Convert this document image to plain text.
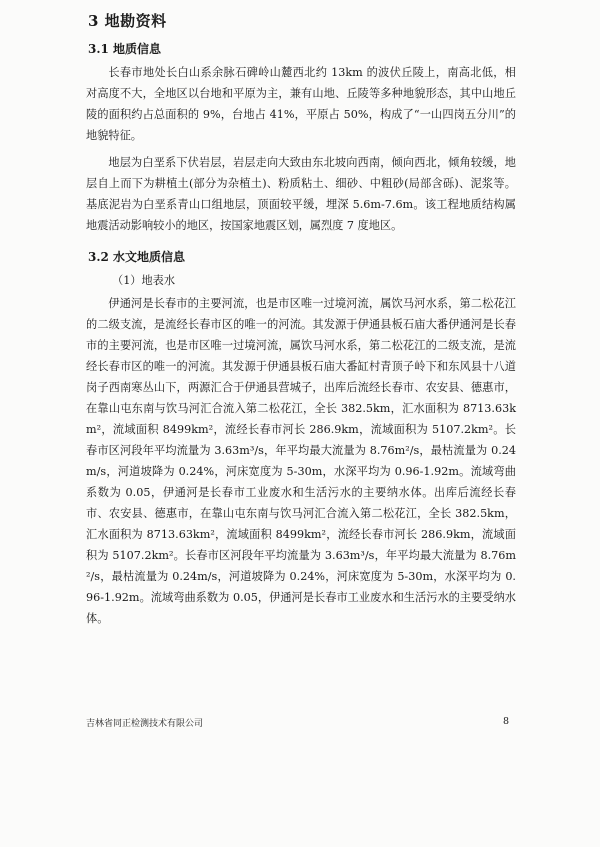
3 地勘资料
3.1 地质信息

长春市地处长白山系余脉石碑岭山麓西北约 13km 的波伏丘陵上，南高北低，相对高度不大，全地区以台地和平原为主，兼有山地、丘陵等多种地貌形态，其中山地丘陵的面积约占总面积的 9%，台地占 41%，平原占 50%，构成了“一山四岗五分川”的地貌特征。

地层为白垩系下伏岩层，岩层走向大致由东北坡向西南，倾向西北，倾角较缓，地层自上而下为耕植土(部分为杂植土)、粉质粘土、细砂、中粗砂(局部含砾)、泥浆等。基底泥岩为白垩系青山口组地层，顶面较平缓，埋深 5.6m-7.6m。该工程地质结构属地震活动影响较小的地区，按国家地震区划，属烈度 7 度地区。

3.2 水文地质信息
（1）地表水

伊通河是长春市的主要河流，也是市区唯一过境河流，属饮马河水系，第二松花江的二级支流，是流经长春市区的唯一的河流。其发源于伊通县板石庙大番伊通河是长春市的主要河流，也是市区唯一过境河流，属饮马河水系，第二松花江的二级支流，是流经长春市区的唯一的河流。其发源于伊通县板石庙大番缸村青顶子岭下和东风县十八道岗子西南寒丛山下，两源汇合于伊通县营城子，出库后流经长春市、农安县、德惠市，在靠山屯东南与饮马河汇合流入第二松花江，全长 382.5km，汇水面积为 8713.63km²，流域面积 8499km²，流经长春市河长 286.9km，流域面积为 5107.2km²。长春市区河段年平均流量为 3.63m³/s，年平均最大流量为 8.76m²/s，最枯流量为 0.24m/s，河道坡降为 0.24%，河床宽度为 5-30m，水深平均为 0.96-1.92m。流域弯曲系数为 0.05，伊通河是长春市工业废水和生活污水的主要纳水体。出库后流经长春市、农安县、德惠市，在靠山屯东南与饮马河汇合流入第二松花江，全长 382.5km，汇水面积为 8713.63km²，流域面积 8499km²，流经长春市河长 286.9km，流域面积为 5107.2km²。长春市区河段年平均流量为 3.63m³/s，年平均最大流量为 8.76m²/s，最枯流量为 0.24m/s，河道坡降为 0.24%，河床宽度为 5-30m，水深平均为 0.96-1.92m。流域弯曲系数为 0.05，伊通河是长春市工业废水和生活污水的主要受纳水体。

吉林省同正检测技术有限公司	8
